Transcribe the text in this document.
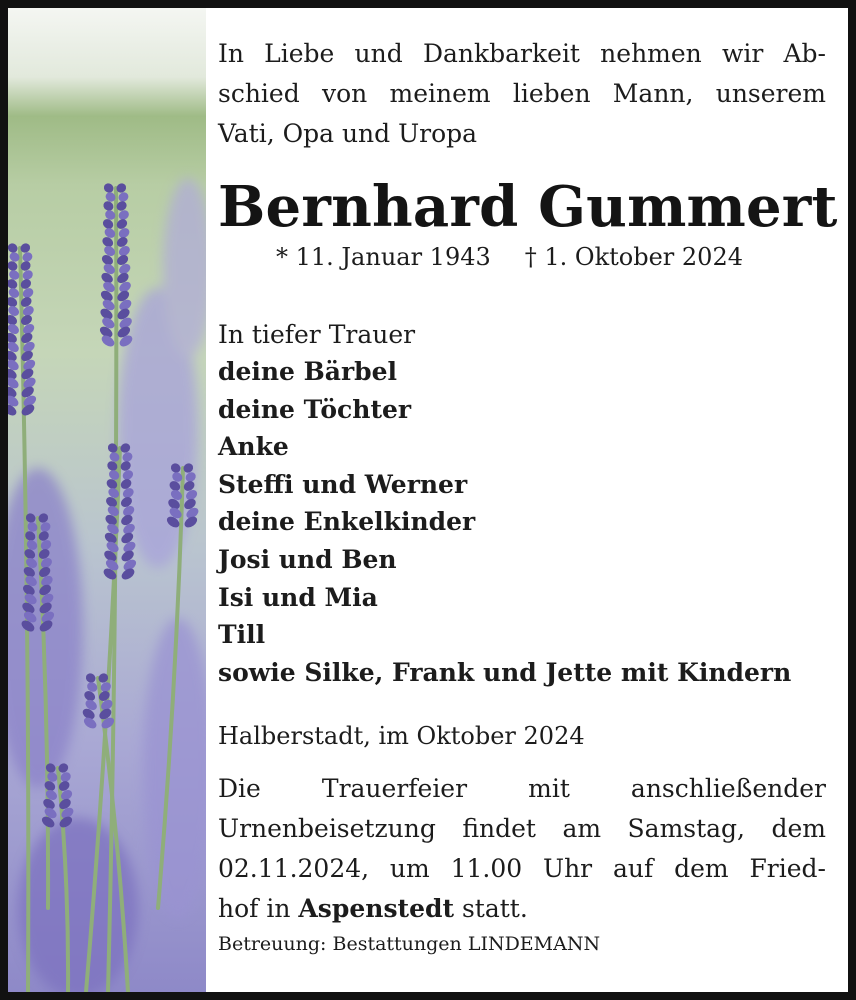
In Liebe und Dankbarkeit nehmen wir Ab-
schied von meinem lieben Mann, unserem
Vati, Opa und Uropa

Bernhard Gummert
* 11. Januar 1943 † 1. Oktober 2024
In tiefer Trauer
deine Bärbel
deine Töchter
Anke
Steffi und Werner
deine Enkelkinder
Josi und Ben
Isi und Mia
Till
sowie Silke, Frank und Jette mit Kindern
Halberstadt, im Oktober 2024
Die Trauerfeier mit anschließender
Urnenbeisetzung findet am Samstag, dem
02.11.2024, um 11.00 Uhr auf dem Fried-
hof in Aspenstedt statt.
Betreuung: Bestattungen LINDEMANN
